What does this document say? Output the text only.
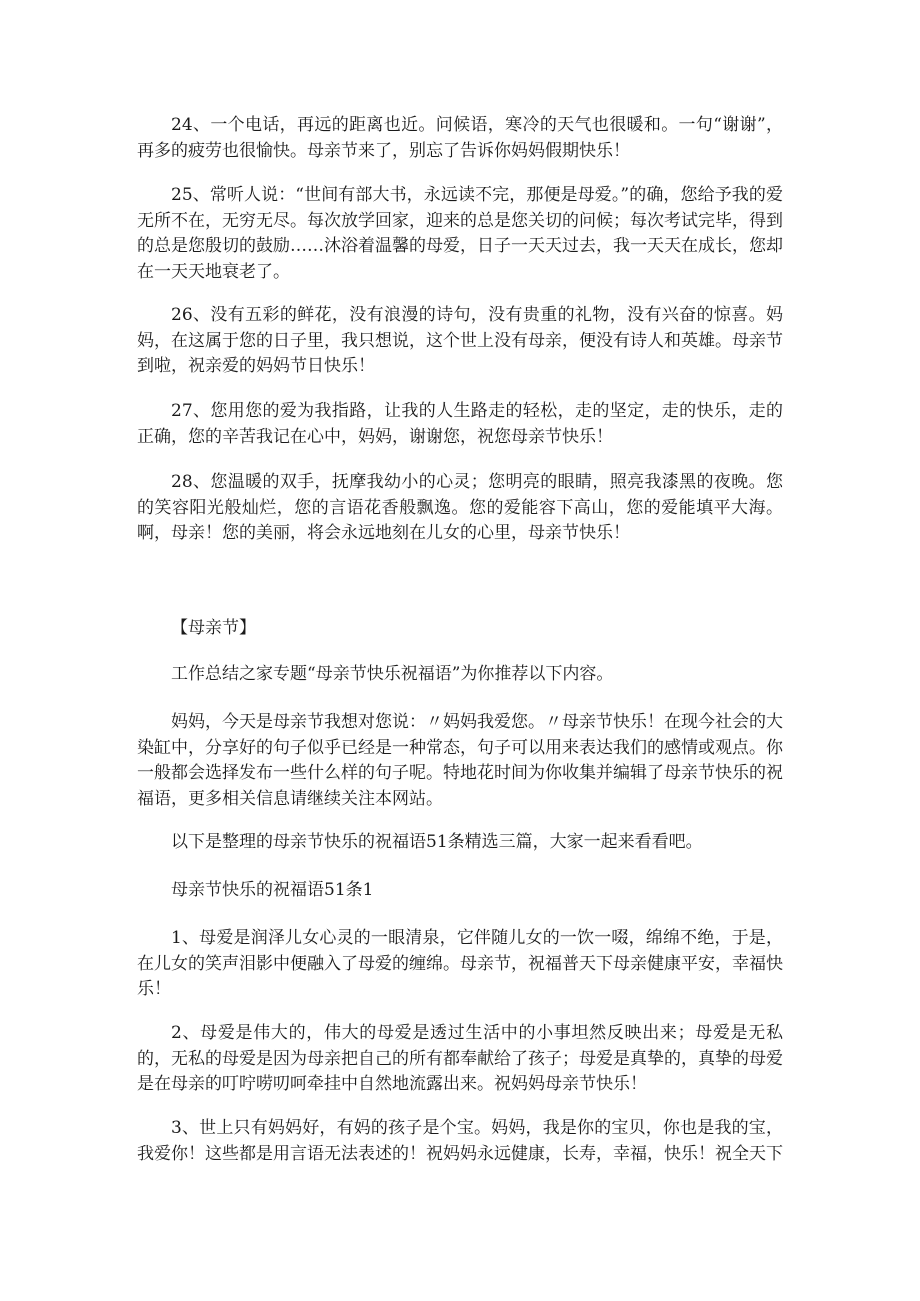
24、一个电话，再远的距离也近。问候语，寒冷的天气也很暖和。一句“谢谢”，再多的疲劳也很愉快。母亲节来了，别忘了告诉你妈妈假期快乐！

25、常听人说：“世间有部大书，永远读不完，那便是母爱。”的确，您给予我的爱无所不在，无穷无尽。每次放学回家，迎来的总是您关切的问候；每次考试完毕，得到的总是您殷切的鼓励……沐浴着温馨的母爱，日子一天天过去，我一天天在成长，您却在一天天地衰老了。

26、没有五彩的鲜花，没有浪漫的诗句，没有贵重的礼物，没有兴奋的惊喜。妈妈，在这属于您的日子里，我只想说，这个世上没有母亲，便没有诗人和英雄。母亲节到啦，祝亲爱的妈妈节日快乐！

27、您用您的爱为我指路，让我的人生路走的轻松，走的坚定，走的快乐，走的正确，您的辛苦我记在心中，妈妈，谢谢您，祝您母亲节快乐！

28、您温暖的双手，抚摩我幼小的心灵；您明亮的眼睛，照亮我漆黑的夜晚。您的笑容阳光般灿烂，您的言语花香般飘逸。您的爱能容下高山，您的爱能填平大海。啊，母亲！您的美丽，将会永远地刻在儿女的心里，母亲节快乐！

【母亲节】

工作总结之家专题“母亲节快乐祝福语”为你推荐以下内容。

妈妈，今天是母亲节我想对您说：〃妈妈我爱您。〃母亲节快乐！在现今社会的大染缸中，分享好的句子似乎已经是一种常态，句子可以用来表达我们的感情或观点。你一般都会选择发布一些什么样的句子呢。特地花时间为你收集并编辑了母亲节快乐的祝福语，更多相关信息请继续关注本网站。

以下是整理的母亲节快乐的祝福语51条精选三篇，大家一起来看看吧。

母亲节快乐的祝福语51条1

1、母爱是润泽儿女心灵的一眼清泉，它伴随儿女的一饮一啜，绵绵不绝，于是，在儿女的笑声泪影中便融入了母爱的缠绵。母亲节，祝福普天下母亲健康平安，幸福快乐！

2、母爱是伟大的，伟大的母爱是透过生活中的小事坦然反映出来；母爱是无私的，无私的母爱是因为母亲把自己的所有都奉献给了孩子；母爱是真挚的，真挚的母爱是在母亲的叮咛唠叨呵牵挂中自然地流露出来。祝妈妈母亲节快乐！

3、世上只有妈妈好，有妈的孩子是个宝。妈妈，我是你的宝贝，你也是我的宝，我爱你！这些都是用言语无法表述的！祝妈妈永远健康，长寿，幸福，快乐！祝全天下
